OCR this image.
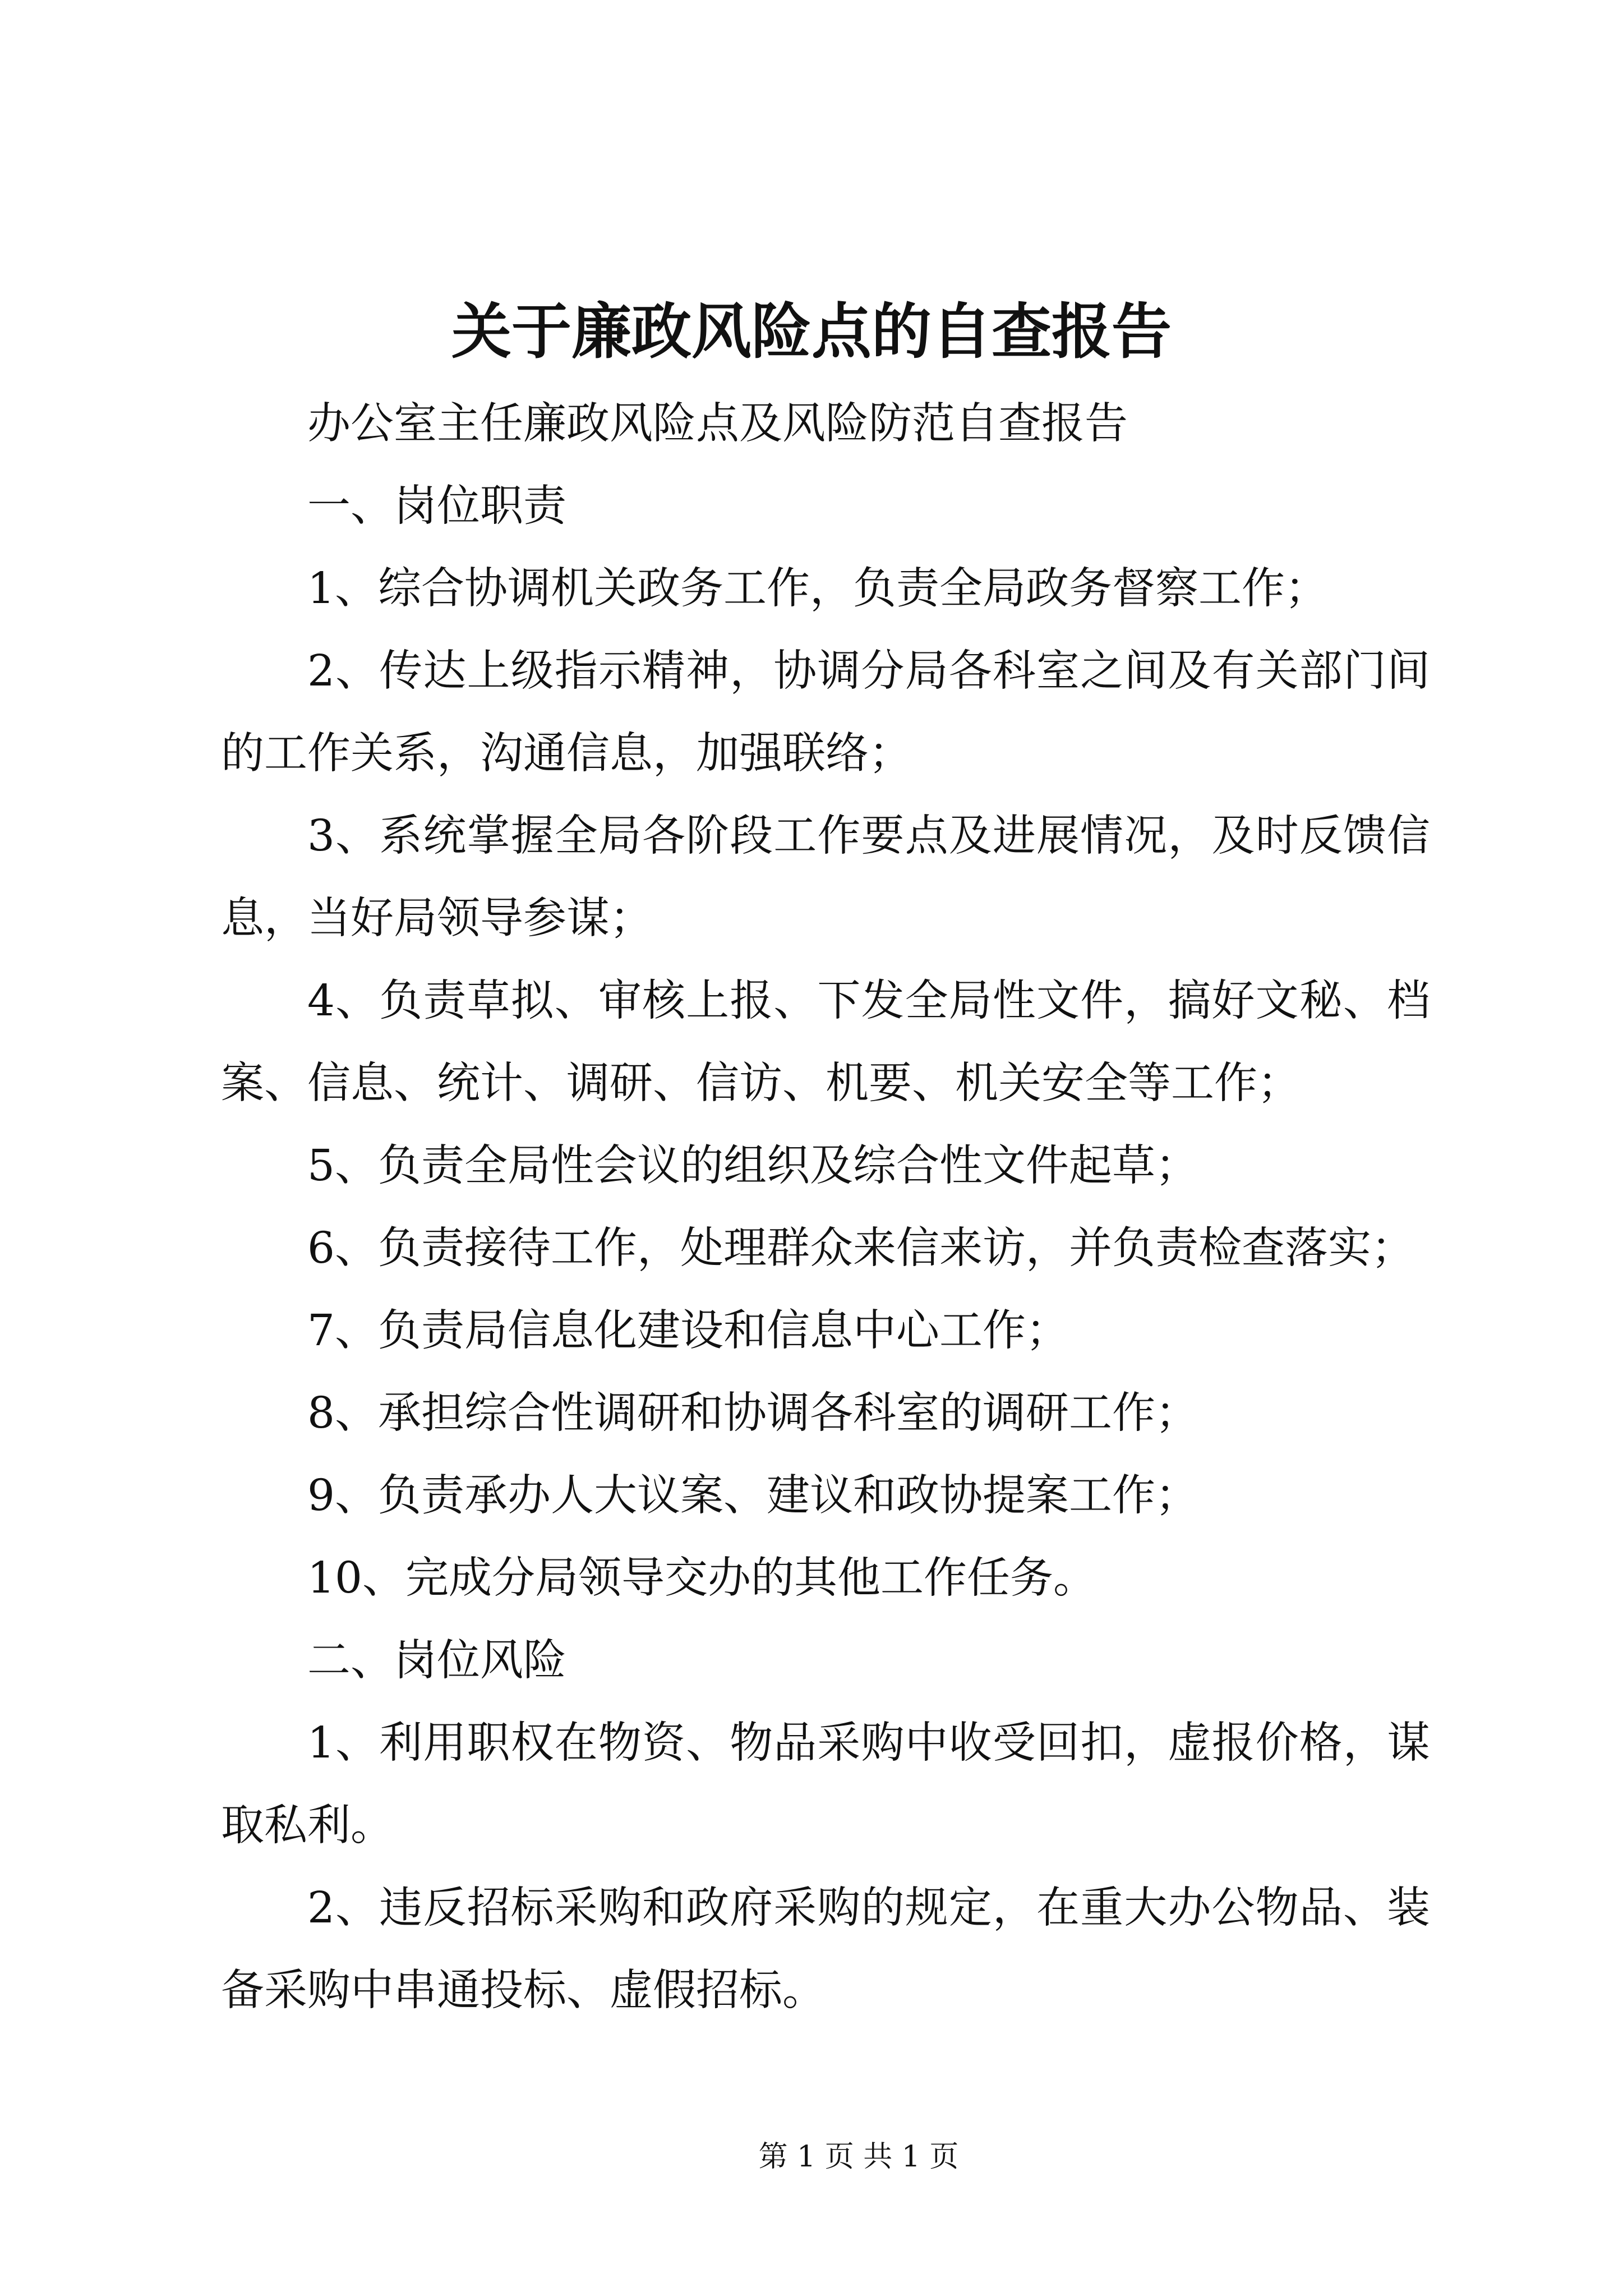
关于廉政风险点的自查报告
办公室主任廉政风险点及风险防范自查报告
一、岗位职责
1、综合协调机关政务工作，负责全局政务督察工作；
2、传达上级指示精神，协调分局各科室之间及有关部门间
的工作关系，沟通信息，加强联络；
3、系统掌握全局各阶段工作要点及进展情况，及时反馈信
息，当好局领导参谋；
4、负责草拟、审核上报、下发全局性文件，搞好文秘、档
案、信息、统计、调研、信访、机要、机关安全等工作；
5、负责全局性会议的组织及综合性文件起草；
6、负责接待工作，处理群众来信来访，并负责检查落实；
7、负责局信息化建设和信息中心工作；
8、承担综合性调研和协调各科室的调研工作；
9、负责承办人大议案、建议和政协提案工作；
10、完成分局领导交办的其他工作任务。
二、岗位风险
1、利用职权在物资、物品采购中收受回扣，虚报价格，谋
取私利。
2、违反招标采购和政府采购的规定，在重大办公物品、装
备采购中串通投标、虚假招标。
第 1 页 共 1 页
